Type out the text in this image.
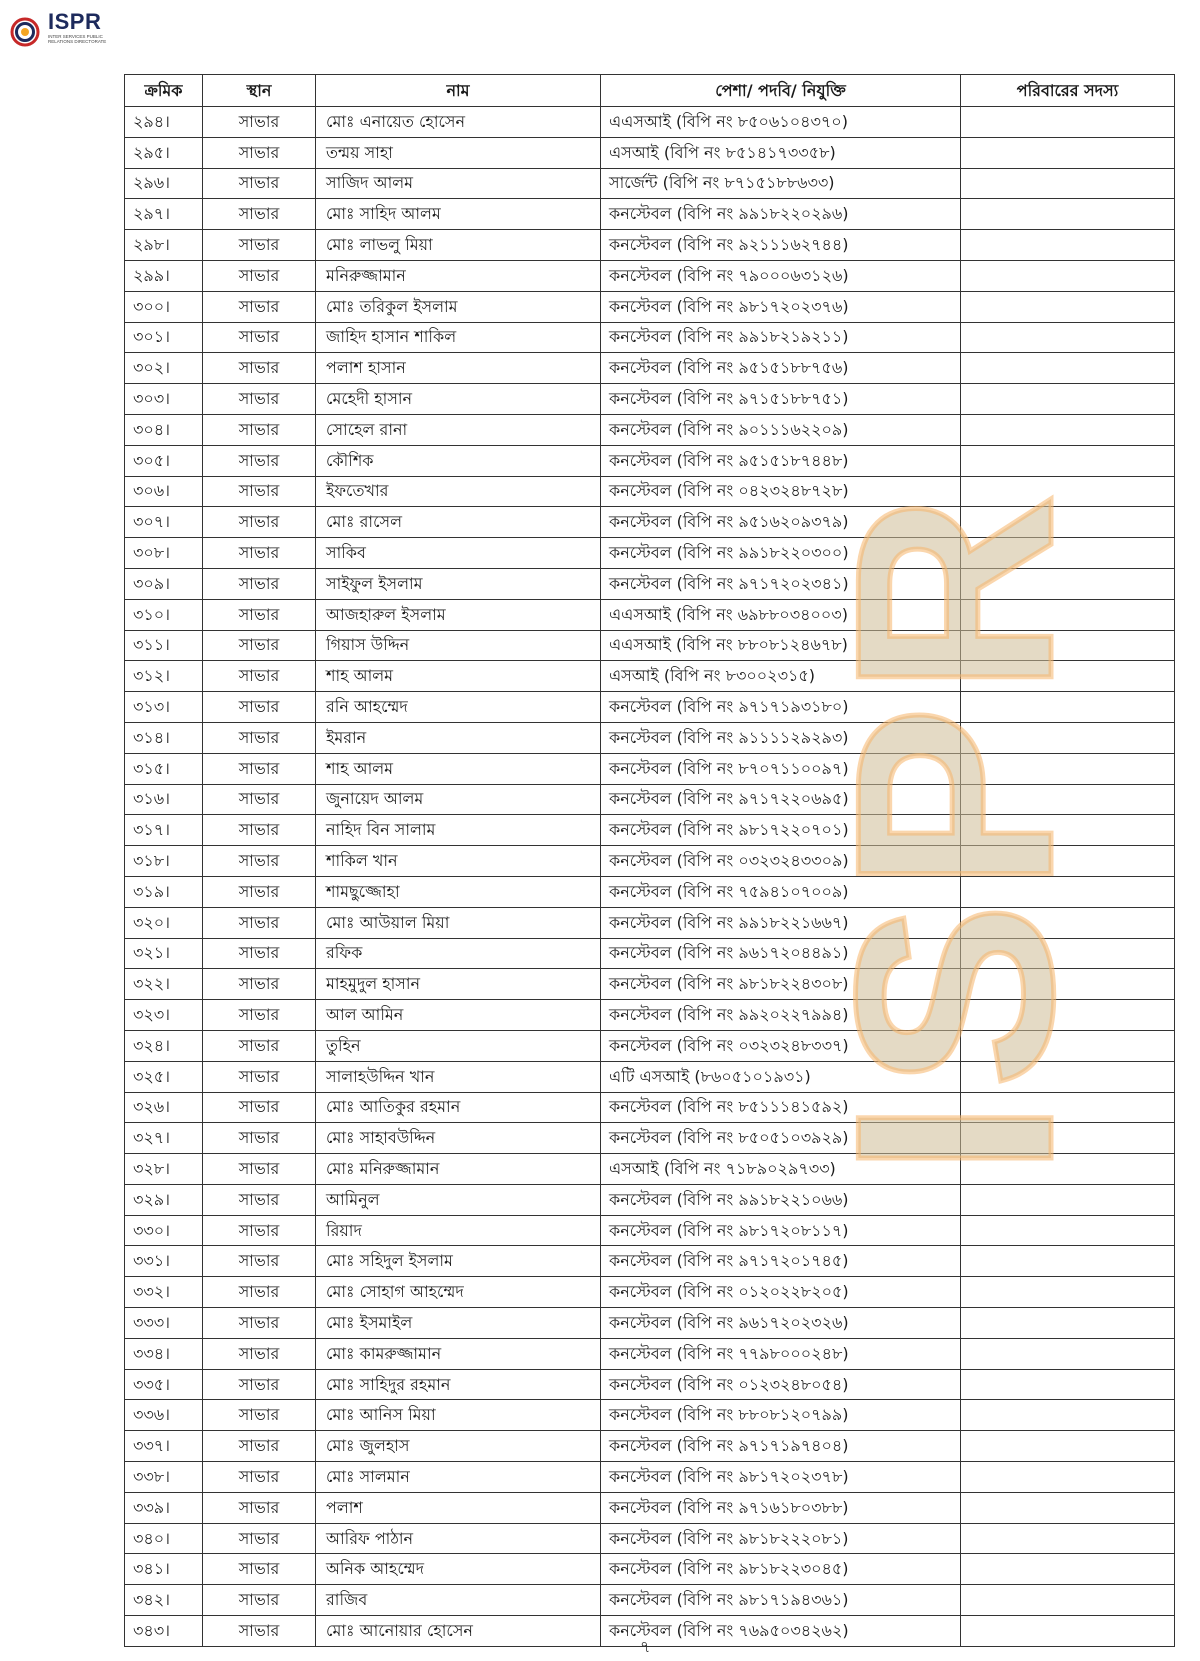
ISPR
INTER SERVICES PUBLIC RELATIONS DIRECTORATE
ক্রমিক	স্থান	নাম	পেশা/ পদবি/ নিযুক্তি	পরিবারের সদস্য
২৯৪।	সাভার	মোঃ এনায়েত হোসেন	এএসআই (বিপি নং ৮৫০৬১০৪৩৭০)	
২৯৫।	সাভার	তন্ময় সাহা	এসআই (বিপি নং ৮৫১৪১৭৩৩৫৮)	
২৯৬।	সাভার	সাজিদ আলম	সার্জেন্ট (বিপি নং ৮৭১৫১৮৮৬৩৩)	
২৯৭।	সাভার	মোঃ সাহিদ আলম	কনস্টেবল (বিপি নং ৯৯১৮২২০২৯৬)	
২৯৮।	সাভার	মোঃ লাভলু মিয়া	কনস্টেবল (বিপি নং ৯২১১১৬২৭৪৪)	
২৯৯।	সাভার	মনিরুজ্জামান	কনস্টেবল (বিপি নং ৭৯০০০৬৩১২৬)	
৩০০।	সাভার	মোঃ তরিকুল ইসলাম	কনস্টেবল (বিপি নং ৯৮১৭২০২৩৭৬)	
৩০১।	সাভার	জাহিদ হাসান শাকিল	কনস্টেবল (বিপি নং ৯৯১৮২১৯২১১)	
৩০২।	সাভার	পলাশ হাসান	কনস্টেবল (বিপি নং ৯৫১৫১৮৮৭৫৬)	
৩০৩।	সাভার	মেহেদী হাসান	কনস্টেবল (বিপি নং ৯৭১৫১৮৮৭৫১)	
৩০৪।	সাভার	সোহেল রানা	কনস্টেবল (বিপি নং ৯০১১১৬২২০৯)	
৩০৫।	সাভার	কৌশিক	কনস্টেবল (বিপি নং ৯৫১৫১৮৭৪৪৮)	
৩০৬।	সাভার	ইফতেখার	কনস্টেবল (বিপি নং ০৪২৩২৪৮৭২৮)	
৩০৭।	সাভার	মোঃ রাসেল	কনস্টেবল (বিপি নং ৯৫১৬২০৯৩৭৯)	
৩০৮।	সাভার	সাকিব	কনস্টেবল (বিপি নং ৯৯১৮২২০৩০০)	
৩০৯।	সাভার	সাইফুল ইসলাম	কনস্টেবল (বিপি নং ৯৭১৭২০২৩৪১)	
৩১০।	সাভার	আজহারুল ইসলাম	এএসআই (বিপি নং ৬৯৮৮০৩৪০০৩)	
৩১১।	সাভার	গিয়াস উদ্দিন	এএসআই (বিপি নং ৮৮০৮১২৪৬৭৮)	
৩১২।	সাভার	শাহ আলম	এসআই (বিপি নং ৮৩০০২৩১৫)	
৩১৩।	সাভার	রনি আহম্মেদ	কনস্টেবল (বিপি নং ৯৭১৭১৯৩১৮০)	
৩১৪।	সাভার	ইমরান	কনস্টেবল (বিপি নং ৯১১১১২৯২৯৩)	
৩১৫।	সাভার	শাহ আলম	কনস্টেবল (বিপি নং ৮৭০৭১১০০৯৭)	
৩১৬।	সাভার	জুনায়েদ আলম	কনস্টেবল (বিপি নং ৯৭১৭২২০৬৯৫)	
৩১৭।	সাভার	নাহিদ বিন সালাম	কনস্টেবল (বিপি নং ৯৮১৭২২০৭০১)	
৩১৮।	সাভার	শাকিল খান	কনস্টেবল (বিপি নং ০৩২৩২৪৩৩০৯)	
৩১৯।	সাভার	শামছুজ্জোহা	কনস্টেবল (বিপি নং ৭৫৯৪১০৭০০৯)	
৩২০।	সাভার	মোঃ আউয়াল মিয়া	কনস্টেবল (বিপি নং ৯৯১৮২২১৬৬৭)	
৩২১।	সাভার	রফিক	কনস্টেবল (বিপি নং ৯৬১৭২০৪৪৯১)	
৩২২।	সাভার	মাহমুদুল হাসান	কনস্টেবল (বিপি নং ৯৮১৮২২৪৩০৮)	
৩২৩।	সাভার	আল আমিন	কনস্টেবল (বিপি নং ৯৯২০২২৭৯৯৪)	
৩২৪।	সাভার	তুহিন	কনস্টেবল (বিপি নং ০৩২৩২৪৮৩৩৭)	
৩২৫।	সাভার	সালাহউদ্দিন খান	এটি এসআই (৮৬০৫১০১৯৩১)	
৩২৬।	সাভার	মোঃ আতিকুর রহমান	কনস্টেবল (বিপি নং ৮৫১১১৪১৫৯২)	
৩২৭।	সাভার	মোঃ সাহাবউদ্দিন	কনস্টেবল (বিপি নং ৮৫০৫১০৩৯২৯)	
৩২৮।	সাভার	মোঃ মনিরুজ্জামান	এসআই (বিপি নং ৭১৮৯০২৯৭৩৩)	
৩২৯।	সাভার	আমিনুল	কনস্টেবল (বিপি নং ৯৯১৮২২১০৬৬)	
৩৩০।	সাভার	রিয়াদ	কনস্টেবল (বিপি নং ৯৮১৭২০৮১১৭)	
৩৩১।	সাভার	মোঃ সহিদুল ইসলাম	কনস্টেবল (বিপি নং ৯৭১৭২০১৭৪৫)	
৩৩২।	সাভার	মোঃ সোহাগ আহম্মেদ	কনস্টেবল (বিপি নং ০১২০২২৮২০৫)	
৩৩৩।	সাভার	মোঃ ইসমাইল	কনস্টেবল (বিপি নং ৯৬১৭২০২৩২৬)	
৩৩৪।	সাভার	মোঃ কামরুজ্জামান	কনস্টেবল (বিপি নং ৭৭৯৮০০০২৪৮)	
৩৩৫।	সাভার	মোঃ সাহিদুর রহমান	কনস্টেবল (বিপি নং ০১২৩২৪৮০৫৪)	
৩৩৬।	সাভার	মোঃ আনিস মিয়া	কনস্টেবল (বিপি নং ৮৮০৮১২০৭৯৯)	
৩৩৭।	সাভার	মোঃ জুলহাস	কনস্টেবল (বিপি নং ৯৭১৭১৯৭৪০৪)	
৩৩৮।	সাভার	মোঃ সালমান	কনস্টেবল (বিপি নং ৯৮১৭২০২৩৭৮)	
৩৩৯।	সাভার	পলাশ	কনস্টেবল (বিপি নং ৯৭১৬১৮০৩৮৮)	
৩৪০।	সাভার	আরিফ পাঠান	কনস্টেবল (বিপি নং ৯৮১৮২২২০৮১)	
৩৪১।	সাভার	অনিক আহম্মেদ	কনস্টেবল (বিপি নং ৯৮১৮২২৩০৪৫)	
৩৪২।	সাভার	রাজিব	কনস্টেবল (বিপি নং ৯৮১৭১৯৪৩৬১)	
৩৪৩।	সাভার	মোঃ আনোয়ার হোসেন	কনস্টেবল (বিপি নং ৭৬৯৫০৩৪২৬২)	
ISPR
৭
